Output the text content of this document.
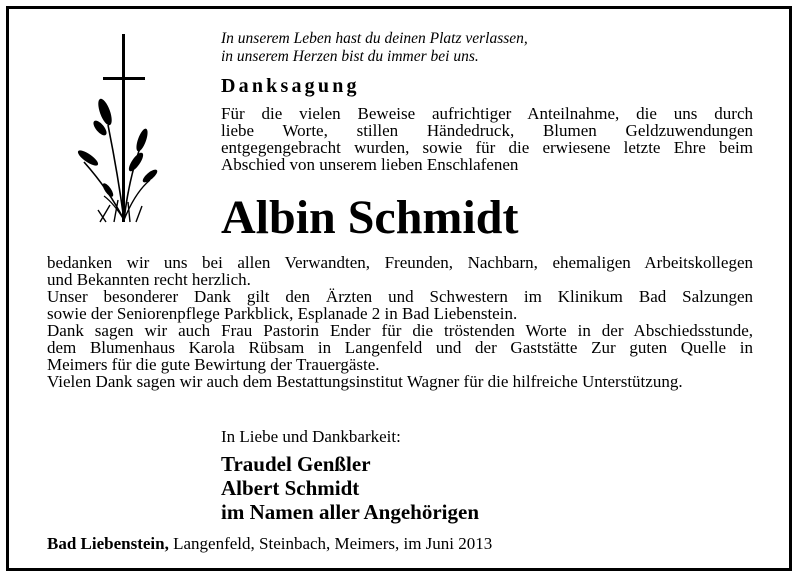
In unserem Leben hast du deinen Platz verlassen,
in unserem Herzen bist du immer bei uns.
Danksagung
Für die vielen Beweise aufrichtiger Anteilnahme, die uns durch
liebe Worte, stillen Händedruck, Blumen Geldzuwendungen
entgegengebracht wurden, sowie für die erwiesene letzte Ehre beim
Abschied von unserem lieben Enschlafenen
Albin Schmidt
bedanken wir uns bei allen Verwandten, Freunden, Nachbarn, ehemaligen Arbeitskollegen
und Bekannten recht herzlich.
Unser besonderer Dank gilt den Ärzten und Schwestern im Klinikum Bad Salzungen
sowie der Seniorenpflege Parkblick, Esplanade 2 in Bad Liebenstein.
Dank sagen wir auch Frau Pastorin Ender für die tröstenden Worte in der Abschiedsstunde,
dem Blumenhaus Karola Rübsam in Langenfeld und der Gaststätte Zur guten Quelle in
Meimers für die gute Bewirtung der Trauergäste.
Vielen Dank sagen wir auch dem Bestattungsinstitut Wagner für die hilfreiche Unterstützung.
In Liebe und Dankbarkeit:
Traudel Genßler
Albert Schmidt
im Namen aller Angehörigen
Bad Liebenstein, Langenfeld, Steinbach, Meimers, im Juni 2013
